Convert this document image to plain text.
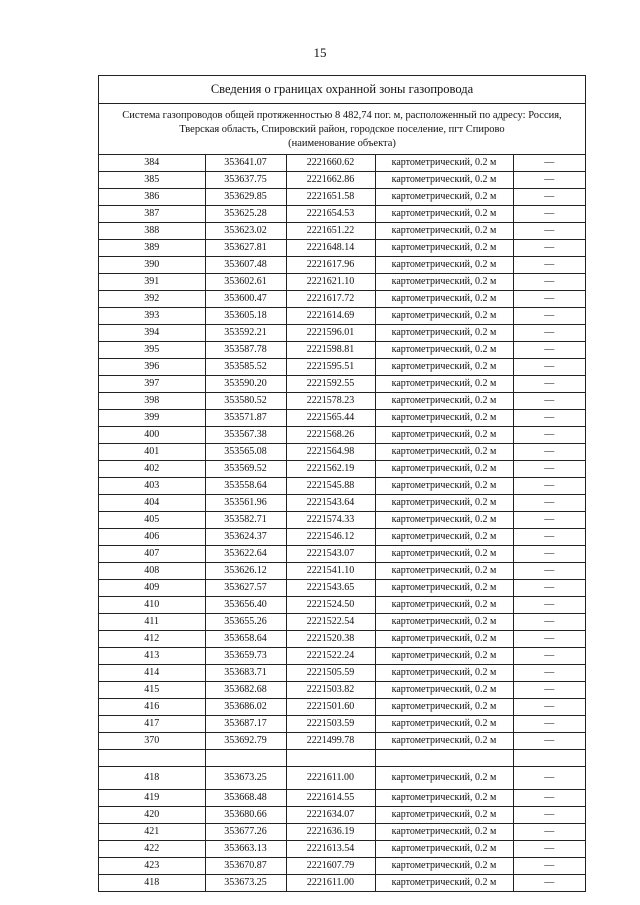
15
Сведения о границах охранной зоны газопровода
Система газопроводов общей протяженностью 8 482,74 пог. м, расположенный по адресу: Россия,
Тверская область, Спировский район, городское поселение, пгт Спирово
(наименование объекта)
384	353641.07	2221660.62	картометрический, 0.2 м	—
385	353637.75	2221662.86	картометрический, 0.2 м	—
386	353629.85	2221651.58	картометрический, 0.2 м	—
387	353625.28	2221654.53	картометрический, 0.2 м	—
388	353623.02	2221651.22	картометрический, 0.2 м	—
389	353627.81	2221648.14	картометрический, 0.2 м	—
390	353607.48	2221617.96	картометрический, 0.2 м	—
391	353602.61	2221621.10	картометрический, 0.2 м	—
392	353600.47	2221617.72	картометрический, 0.2 м	—
393	353605.18	2221614.69	картометрический, 0.2 м	—
394	353592.21	2221596.01	картометрический, 0.2 м	—
395	353587.78	2221598.81	картометрический, 0.2 м	—
396	353585.52	2221595.51	картометрический, 0.2 м	—
397	353590.20	2221592.55	картометрический, 0.2 м	—
398	353580.52	2221578.23	картометрический, 0.2 м	—
399	353571.87	2221565.44	картометрический, 0.2 м	—
400	353567.38	2221568.26	картометрический, 0.2 м	—
401	353565.08	2221564.98	картометрический, 0.2 м	—
402	353569.52	2221562.19	картометрический, 0.2 м	—
403	353558.64	2221545.88	картометрический, 0.2 м	—
404	353561.96	2221543.64	картометрический, 0.2 м	—
405	353582.71	2221574.33	картометрический, 0.2 м	—
406	353624.37	2221546.12	картометрический, 0.2 м	—
407	353622.64	2221543.07	картометрический, 0.2 м	—
408	353626.12	2221541.10	картометрический, 0.2 м	—
409	353627.57	2221543.65	картометрический, 0.2 м	—
410	353656.40	2221524.50	картометрический, 0.2 м	—
411	353655.26	2221522.54	картометрический, 0.2 м	—
412	353658.64	2221520.38	картометрический, 0.2 м	—
413	353659.73	2221522.24	картометрический, 0.2 м	—
414	353683.71	2221505.59	картометрический, 0.2 м	—
415	353682.68	2221503.82	картометрический, 0.2 м	—
416	353686.02	2221501.60	картометрический, 0.2 м	—
417	353687.17	2221503.59	картометрический, 0.2 м	—
370	353692.79	2221499.78	картометрический, 0.2 м	—

418	353673.25	2221611.00	картометрический, 0.2 м	—
419	353668.48	2221614.55	картометрический, 0.2 м	—
420	353680.66	2221634.07	картометрический, 0.2 м	—
421	353677.26	2221636.19	картометрический, 0.2 м	—
422	353663.13	2221613.54	картометрический, 0.2 м	—
423	353670.87	2221607.79	картометрический, 0.2 м	—
418	353673.25	2221611.00	картометрический, 0.2 м	—
